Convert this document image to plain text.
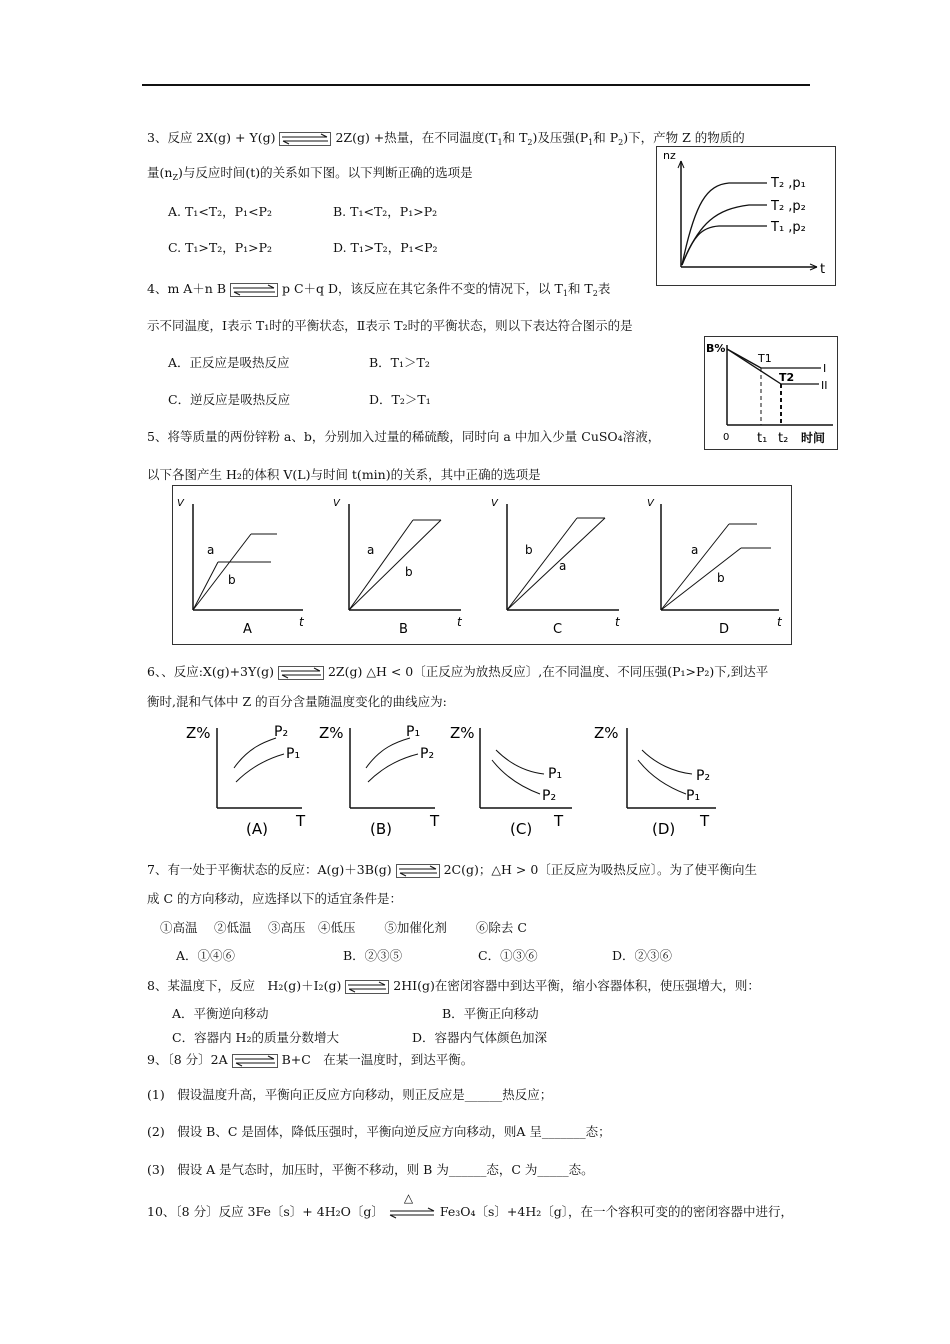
3、反应 2X(g) + Y(g)	2Z(g) +热量，在不同温度($T_1$和 $T_2$)及压强($P_1$和 $P_2$)下，产物 Z 的物质的
量$(n_Z)$与反应时间(t)的关系如下图。以下判断正确的选项是
A. T₁<T₂，P₁<P₂	B. T₁<T₂，P₁>P₂
C. T₁>T₂，P₁>P₂	D. T₁>T₂，P₁<P₂
nz
t
T₂ ,p₁
T₂ ,p₂
T₁ ,p₂
4、m A＋n B	p C＋q D，该反应在其它条件不变的情况下，以 $T_1$和 $T_2$表
示不同温度，Ⅰ表示 T₁时的平衡状态，Ⅱ表示 T₂时的平衡状态，则以下表达符合图示的是
A．正反应是吸热反应	B．T₁＞T₂
C．逆反应是吸热反应	D．T₂＞T₁
B%
T1
T2
I
II
0 t₁ t₂ 时间
5、将等质量的两份锌粉 a、b，分别加入过量的稀硫酸，同时向 a 中加入少量 CuSO₄溶液，
以下各图产生 H₂的体积 V(L)与时间 t(min)的关系，其中正确的选项是
V
t
a
b
A
V
t
a
b
B
V
t
b
a
C
V
t
a
b
D
6、、反应:X(g)+3Y(g)	2Z(g) △H < 0〔正反应为放热反应〕,在不同温度、不同压强(P₁>P₂)下,到达平
衡时,混和气体中 Z 的百分含量随温度变化的曲线应为:
Z%	P₂
P₁
T
(A)
Z%	P₁
P₂
T
(B)
Z%
P₁
P₂
T
(C)
Z%
P₂
P₁
T
(D)
7、有一处于平衡状态的反应：A(g)＋3B(g)	2C(g)；△H > 0〔正反应为吸热反应〕。为了使平衡向生
成 C 的方向移动，应选择以下的适宜条件是：
①高温　 ②低温　 ③高压　④低压　　 ⑤加催化剂　　 ⑥除去 C
A．①④⑥	B．②③⑤	C．①③⑥	D．②③⑥
8、某温度下，反应　H₂(g)＋I₂(g)	2HI(g)在密闭容器中到达平衡，缩小容器体积，使压强增大，则：
A．平衡逆向移动	B．平衡正向移动
C．容器内 H₂的质量分数增大	D．容器内气体颜色加深
9、〔8 分〕2A	B+C　在某一温度时，到达平衡。
(1)　假设温度升高，平衡向正反应方向移动，则正反应是______热反应；
(2)　假设 B、C 是固体，降低压强时，平衡向逆反应方向移动，则A 呈_______态；
(3)　假设 A 是气态时，加压时，平衡不移动，则 B 为______态，C 为_____态。
10、〔8 分〕反应 3Fe〔s〕+ 4H₂O〔g〕
△
Fe₃O₄〔s〕+4H₂〔g〕，在一个容积可变的的密闭容器中进行，
